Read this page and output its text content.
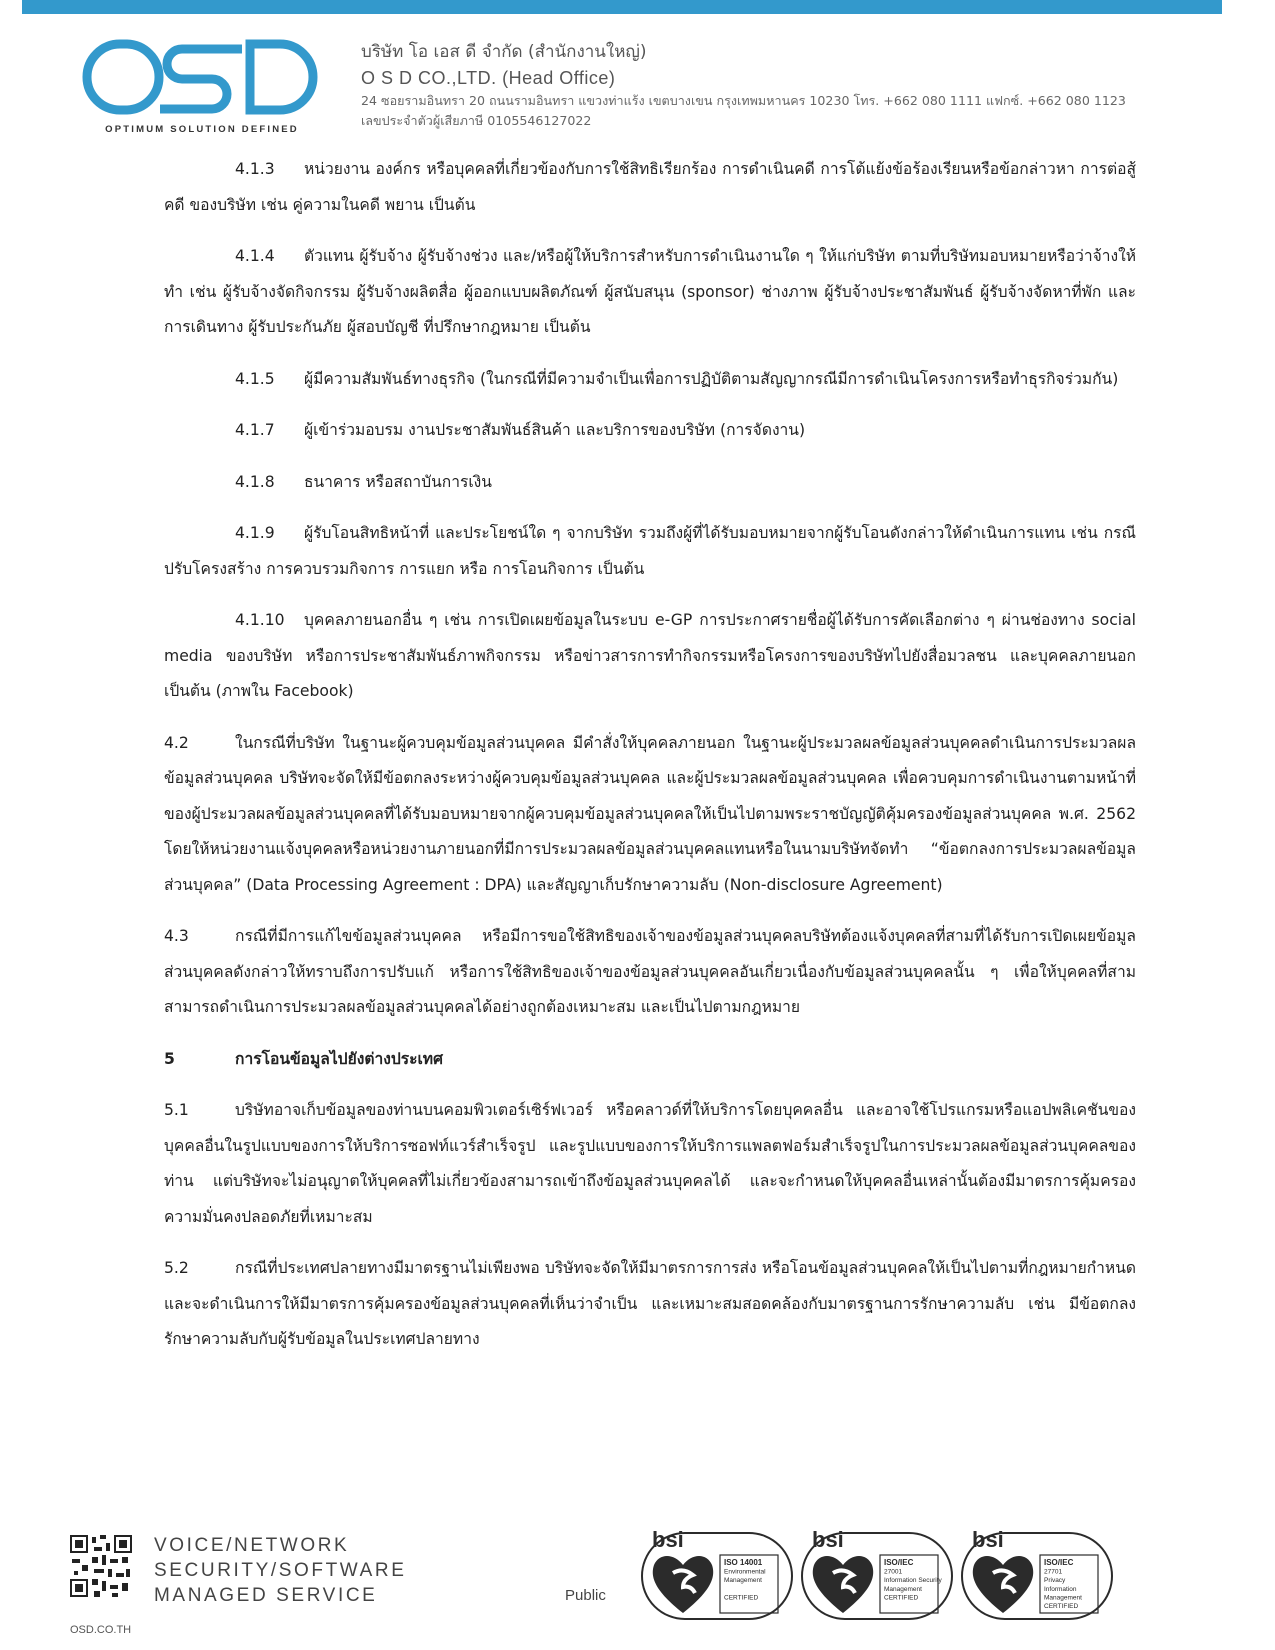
OPTIMUM SOLUTION DEFINED
บริษัท โอ เอส ดี จำกัด (สำนักงานใหญ่)
O S D CO.,LTD. (Head Office)
24 ซอยรามอินทรา 20 ถนนรามอินทรา แขวงท่าแร้ง เขตบางเขน กรุงเทพมหานคร 10230 โทร. +662 080 1111 แฟกซ์. +662 080 1123
เลขประจำตัวผู้เสียภาษี 0105546127022

4.1.3 หน่วยงาน องค์กร หรือบุคคลที่เกี่ยวข้องกับการใช้สิทธิเรียกร้อง การดำเนินคดี การโต้แย้งข้อร้องเรียนหรือข้อกล่าวหา การต่อสู้คดี ของบริษัท เช่น คู่ความในคดี พยาน เป็นต้น

4.1.4 ตัวแทน ผู้รับจ้าง ผู้รับจ้างช่วง และ/หรือผู้ให้บริการสำหรับการดำเนินงานใด ๆ ให้แก่บริษัท ตามที่บริษัทมอบหมายหรือว่าจ้างให้ทำ เช่น ผู้รับจ้างจัดกิจกรรม ผู้รับจ้างผลิตสื่อ ผู้ออกแบบผลิตภัณฑ์ ผู้สนับสนุน (sponsor) ช่างภาพ ผู้รับจ้างประชาสัมพันธ์ ผู้รับจ้างจัดหาที่พัก และการเดินทาง ผู้รับประกันภัย ผู้สอบบัญชี ที่ปรึกษากฎหมาย เป็นต้น

4.1.5 ผู้มีความสัมพันธ์ทางธุรกิจ (ในกรณีที่มีความจำเป็นเพื่อการปฏิบัติตามสัญญากรณีมีการดำเนินโครงการหรือทำธุรกิจร่วมกัน)

4.1.7 ผู้เข้าร่วมอบรม งานประชาสัมพันธ์สินค้า และบริการของบริษัท (การจัดงาน)

4.1.8 ธนาคาร หรือสถาบันการเงิน

4.1.9 ผู้รับโอนสิทธิหน้าที่ และประโยชน์ใด ๆ จากบริษัท รวมถึงผู้ที่ได้รับมอบหมายจากผู้รับโอนดังกล่าวให้ดำเนินการแทน เช่น กรณีปรับโครงสร้าง การควบรวมกิจการ การแยก หรือ การโอนกิจการ เป็นต้น

4.1.10 บุคคลภายนอกอื่น ๆ เช่น การเปิดเผยข้อมูลในระบบ e-GP การประกาศรายชื่อผู้ได้รับการคัดเลือกต่าง ๆ ผ่านช่องทาง social media ของบริษัท หรือการประชาสัมพันธ์ภาพกิจกรรม หรือข่าวสารการทำกิจกรรมหรือโครงการของบริษัทไปยังสื่อมวลชน และบุคคลภายนอก เป็นต้น (ภาพใน Facebook)

4.2	ในกรณีที่บริษัท ในฐานะผู้ควบคุมข้อมูลส่วนบุคคล มีคำสั่งให้บุคคลภายนอก ในฐานะผู้ประมวลผลข้อมูลส่วนบุคคลดำเนินการประมวลผลข้อมูลส่วนบุคคล บริษัทจะจัดให้มีข้อตกลงระหว่างผู้ควบคุมข้อมูลส่วนบุคคล และผู้ประมวลผลข้อมูลส่วนบุคคล เพื่อควบคุมการดำเนินงานตามหน้าที่ของผู้ประมวลผลข้อมูลส่วนบุคคลที่ได้รับมอบหมายจากผู้ควบคุมข้อมูลส่วนบุคคลให้เป็นไปตามพระราชบัญญัติคุ้มครองข้อมูลส่วนบุคคล พ.ศ. 2562 โดยให้หน่วยงานแจ้งบุคคลหรือหน่วยงานภายนอกที่มีการประมวลผลข้อมูลส่วนบุคคลแทนหรือในนามบริษัทจัดทำ “ข้อตกลงการประมวลผลข้อมูลส่วนบุคคล” (Data Processing Agreement : DPA) และสัญญาเก็บรักษาความลับ (Non-disclosure Agreement)

4.3	กรณีที่มีการแก้ไขข้อมูลส่วนบุคคล หรือมีการขอใช้สิทธิของเจ้าของข้อมูลส่วนบุคคลบริษัทต้องแจ้งบุคคลที่สามที่ได้รับการเปิดเผยข้อมูลส่วนบุคคลดังกล่าวให้ทราบถึงการปรับแก้ หรือการใช้สิทธิของเจ้าของข้อมูลส่วนบุคคลอันเกี่ยวเนื่องกับข้อมูลส่วนบุคคลนั้น ๆ เพื่อให้บุคคลที่สามสามารถดำเนินการประมวลผลข้อมูลส่วนบุคคลได้อย่างถูกต้องเหมาะสม และเป็นไปตามกฎหมาย

5	การโอนข้อมูลไปยังต่างประเทศ

5.1	บริษัทอาจเก็บข้อมูลของท่านบนคอมพิวเตอร์เซิร์ฟเวอร์ หรือคลาวด์ที่ให้บริการโดยบุคคลอื่น และอาจใช้โปรแกรมหรือแอปพลิเคชันของบุคคลอื่นในรูปแบบของการให้บริการซอฟท์แวร์สำเร็จรูป และรูปแบบของการให้บริการแพลตฟอร์มสำเร็จรูปในการประมวลผลข้อมูลส่วนบุคคลของท่าน แต่บริษัทจะไม่อนุญาตให้บุคคลที่ไม่เกี่ยวข้องสามารถเข้าถึงข้อมูลส่วนบุคคลได้ และจะกำหนดให้บุคคลอื่นเหล่านั้นต้องมีมาตรการคุ้มครองความมั่นคงปลอดภัยที่เหมาะสม

5.2	กรณีที่ประเทศปลายทางมีมาตรฐานไม่เพียงพอ บริษัทจะจัดให้มีมาตรการการส่ง หรือโอนข้อมูลส่วนบุคคลให้เป็นไปตามที่กฎหมายกำหนด และจะดำเนินการให้มีมาตรการคุ้มครองข้อมูลส่วนบุคคลที่เห็นว่าจำเป็น และเหมาะสมสอดคล้องกับมาตรฐานการรักษาความลับ เช่น มีข้อตกลงรักษาความลับกับผู้รับข้อมูลในประเทศปลายทาง

OSD.CO.TH
VOICE/NETWORK
SECURITY/SOFTWARE
MANAGED SERVICE	Public
bsi
ISO 14001
Environmental
Management
CERTIFIED
bsi
ISO/IEC
27001
Information Security
Management
CERTIFIED
bsi
ISO/IEC
27701
Privacy
Information
Management
CERTIFIED
